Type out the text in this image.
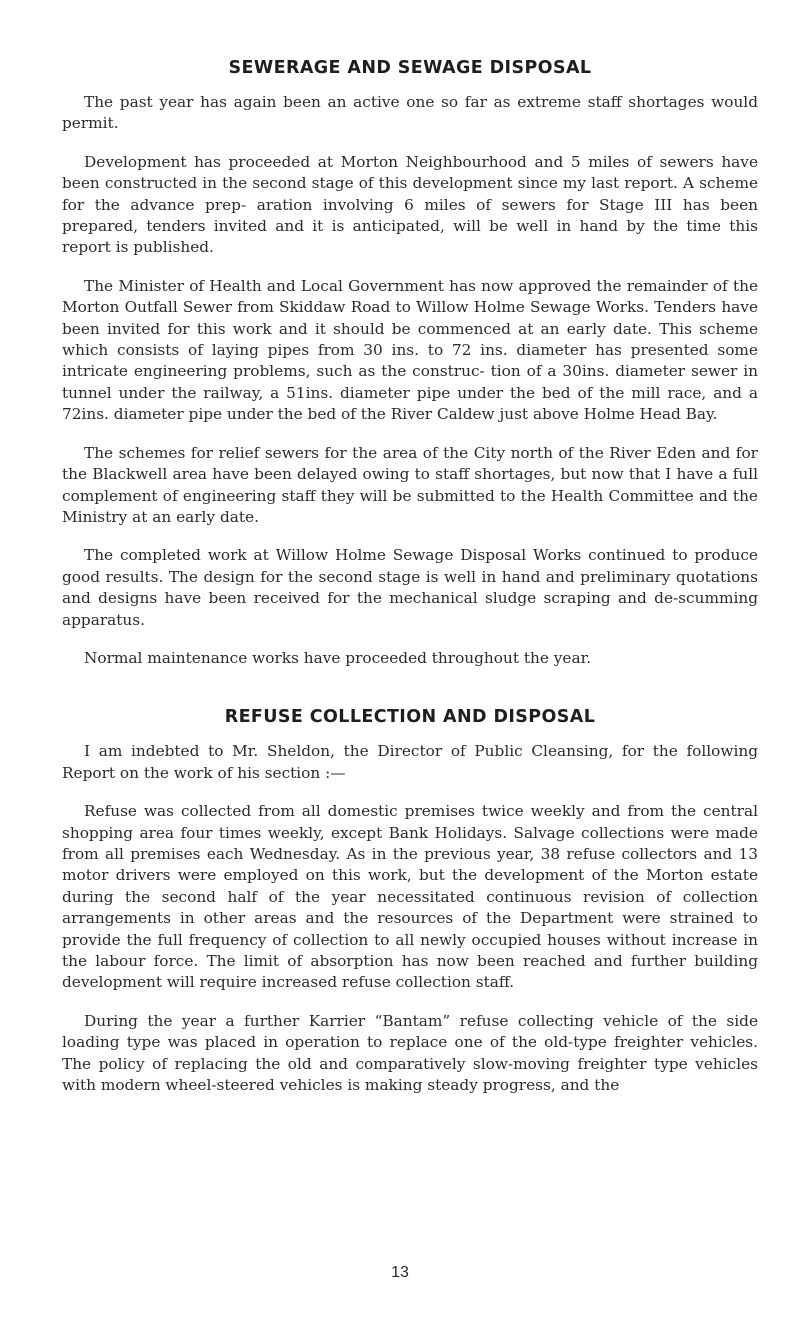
SEWERAGE AND SEWAGE DISPOSAL

The past year has again been an active one so far as extreme staff shortages would permit.

Development has proceeded at Morton Neighbourhood and 5 miles of sewers have been constructed in the second stage of this development since my last report. A scheme for the advance prep- aration involving 6 miles of sewers for Stage III has been prepared, tenders invited and it is anticipated, will be well in hand by the time this report is published.

The Minister of Health and Local Government has now approved the remainder of the Morton Outfall Sewer from Skiddaw Road to Willow Holme Sewage Works. Tenders have been invited for this work and it should be commenced at an early date. This scheme which consists of laying pipes from 30 ins. to 72 ins. diameter has presented some intricate engineering problems, such as the construc- tion of a 30ins. diameter sewer in tunnel under the railway, a 51ins. diameter pipe under the bed of the mill race, and a 72ins. diameter pipe under the bed of the River Caldew just above Holme Head Bay.

The schemes for relief sewers for the area of the City north of the River Eden and for the Blackwell area have been delayed owing to staff shortages, but now that I have a full complement of engineering staff they will be submitted to the Health Committee and the Ministry at an early date.

The completed work at Willow Holme Sewage Disposal Works continued to produce good results. The design for the second stage is well in hand and preliminary quotations and designs have been received for the mechanical sludge scraping and de-scumming apparatus.

Normal maintenance works have proceeded throughout the year.

REFUSE COLLECTION AND DISPOSAL

I am indebted to Mr. Sheldon, the Director of Public Cleansing, for the following Report on the work of his section :—

Refuse was collected from all domestic premises twice weekly and from the central shopping area four times weekly, except Bank Holidays. Salvage collections were made from all premises each Wednesday. As in the previous year, 38 refuse collectors and 13 motor drivers were employed on this work, but the development of the Morton estate during the second half of the year necessitated continuous revision of collection arrangements in other areas and the resources of the Department were strained to provide the full frequency of collection to all newly occupied houses without increase in the labour force. The limit of absorption has now been reached and further building development will require increased refuse collection staff.

During the year a further Karrier “Bantam” refuse collecting vehicle of the side loading type was placed in operation to replace one of the old-type freighter vehicles. The policy of replacing the old and comparatively slow-moving freighter type vehicles with modern wheel-steered vehicles is making steady progress, and the

13
